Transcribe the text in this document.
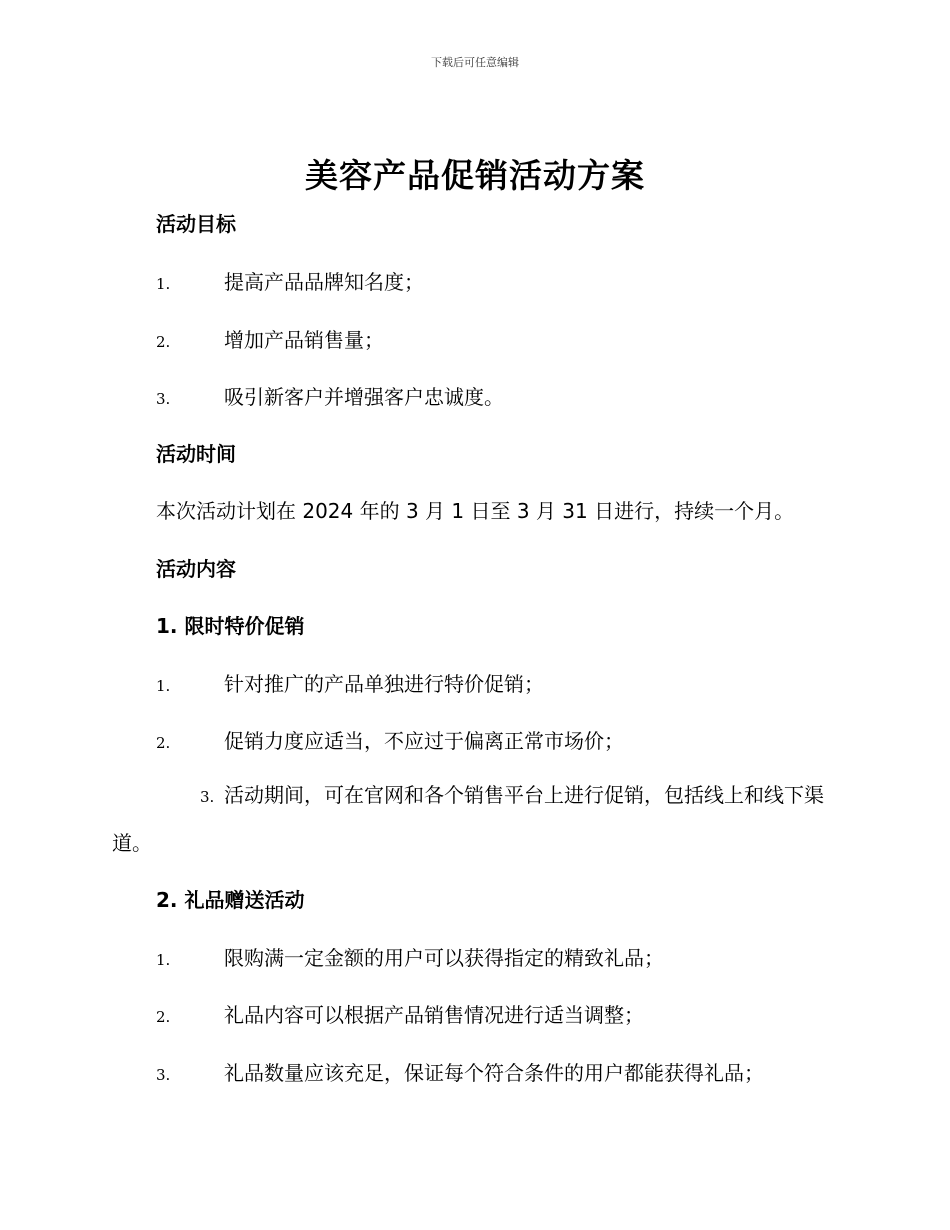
下载后可任意编辑
美容产品促销活动方案
活动目标
1.	提高产品品牌知名度；
2.	增加产品销售量；
3.	吸引新客户并增强客户忠诚度。
活动时间
本次活动计划在 2024 年的 3 月 1 日至 3 月 31 日进行，持续一个月。
活动内容
1. 限时特价促销
1.	针对推广的产品单独进行特价促销；
2.	促销力度应适当，不应过于偏离正常市场价；
3. 活动期间，可在官网和各个销售平台上进行促销，包括线上和线下渠道。
2. 礼品赠送活动
1.	限购满一定金额的用户可以获得指定的精致礼品；
2.	礼品内容可以根据产品销售情况进行适当调整；
3.	礼品数量应该充足，保证每个符合条件的用户都能获得礼品；
